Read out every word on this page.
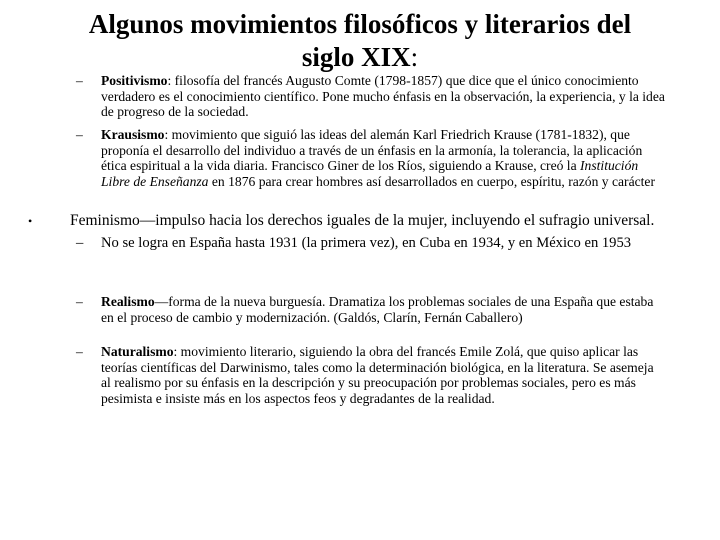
Algunos movimientos filosóficos y literarios del
siglo XIX:
– Positivismo: filosofía del francés Augusto Comte (1798-1857) que dice que el único conocimiento verdadero es el conocimiento científico. Pone mucho énfasis en la observación, la experiencia, y la idea de progreso de la sociedad.
– Krausismo: movimiento que siguió las ideas del alemán Karl Friedrich Krause (1781-1832), que proponía el desarrollo del individuo a través de un énfasis en la armonía, la tolerancia, la aplicación ética espiritual a la vida diaria. Francisco Giner de los Ríos, siguiendo a Krause, creó la Institución Libre de Enseñanza en 1876 para crear hombres así desarrollados en cuerpo, espíritu, razón y carácter
• Feminismo—impulso hacia los derechos iguales de la mujer, incluyendo el sufragio universal.
– No se logra en España hasta 1931 (la primera vez), en Cuba en 1934, y en México en 1953
– Realismo—forma de la nueva burguesía. Dramatiza los problemas sociales de una España que estaba en el proceso de cambio y modernización. (Galdós, Clarín, Fernán Caballero)
– Naturalismo: movimiento literario, siguiendo la obra del francés Emile Zolá, que quiso aplicar las teorías científicas del Darwinismo, tales como la determinación biológica, en la literatura. Se asemeja al realismo por su énfasis en la descripción y su preocupación por problemas sociales, pero es más pesimista e insiste más en los aspectos feos y degradantes de la realidad.
